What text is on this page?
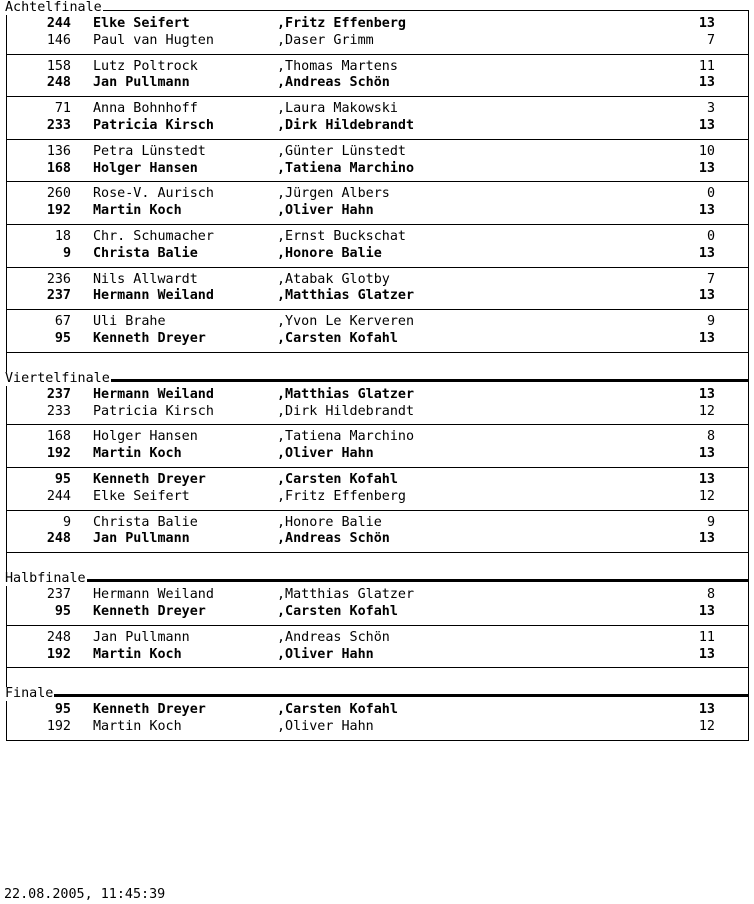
Achtelfinale
244 Elke Seifert	,Fritz Effenberg	13
146 Paul van Hugten	,Daser Grimm	7
158 Lutz Poltrock	,Thomas Martens	11
248 Jan Pullmann	,Andreas Schön	13
71 Anna Bohnhoff	,Laura Makowski	3
233 Patricia Kirsch	,Dirk Hildebrandt	13
136 Petra Lünstedt	,Günter Lünstedt	10
168 Holger Hansen	,Tatiena Marchino	13
260 Rose-V. Aurisch	,Jürgen Albers	0
192 Martin Koch	,Oliver Hahn	13
18 Chr. Schumacher	,Ernst Buckschat	0
9 Christa Balie	,Honore Balie	13
236 Nils Allwardt	,Atabak Glotby	7
237 Hermann Weiland	,Matthias Glatzer	13
67 Uli Brahe	,Yvon Le Kerveren	9
95 Kenneth Dreyer	,Carsten Kofahl	13
Viertelfinale
237 Hermann Weiland	,Matthias Glatzer	13
233 Patricia Kirsch	,Dirk Hildebrandt	12
168 Holger Hansen	,Tatiena Marchino	8
192 Martin Koch	,Oliver Hahn	13
95 Kenneth Dreyer	,Carsten Kofahl	13
244 Elke Seifert	,Fritz Effenberg	12
9 Christa Balie	,Honore Balie	9
248 Jan Pullmann	,Andreas Schön	13
Halbfinale
237 Hermann Weiland	,Matthias Glatzer	8
95 Kenneth Dreyer	,Carsten Kofahl	13
248 Jan Pullmann	,Andreas Schön	11
192 Martin Koch	,Oliver Hahn	13
Finale
95 Kenneth Dreyer	,Carsten Kofahl	13
192 Martin Koch	,Oliver Hahn	12
22.08.2005, 11:45:39
